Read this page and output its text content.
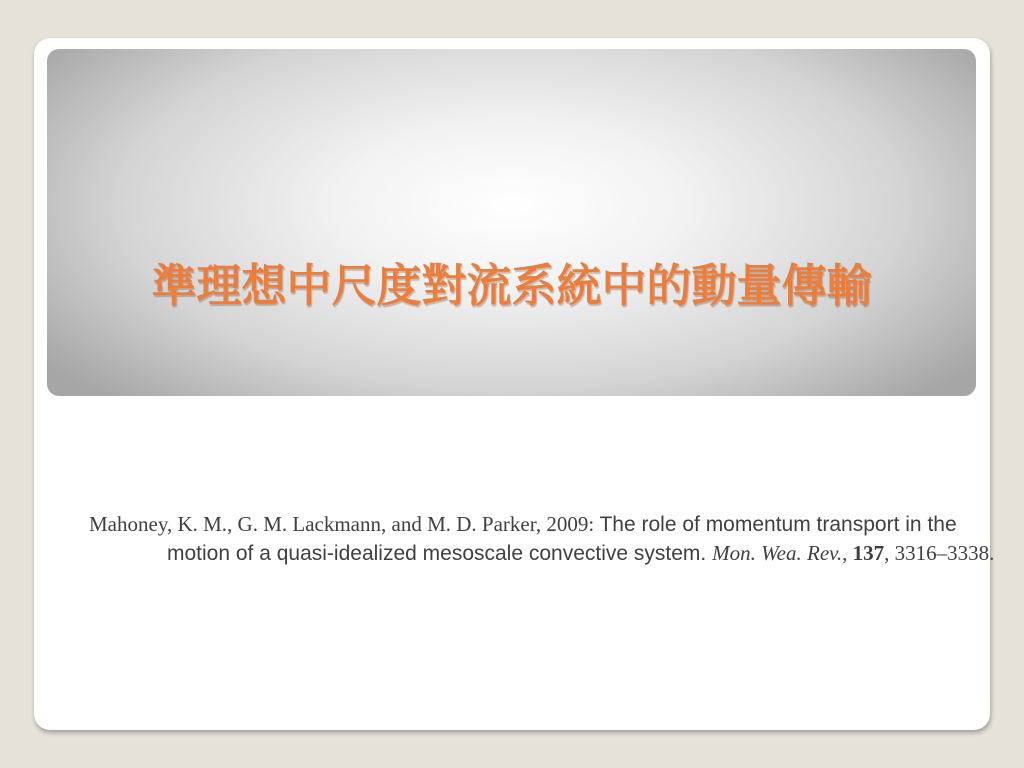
準理想中尺度對流系統中的動量傳輸

Mahoney, K. M., G. M. Lackmann, and M. D. Parker, 2009: The role of momentum transport in the motion of a quasi-idealized mesoscale convective system. Mon. Wea. Rev., 137, 3316–3338.
